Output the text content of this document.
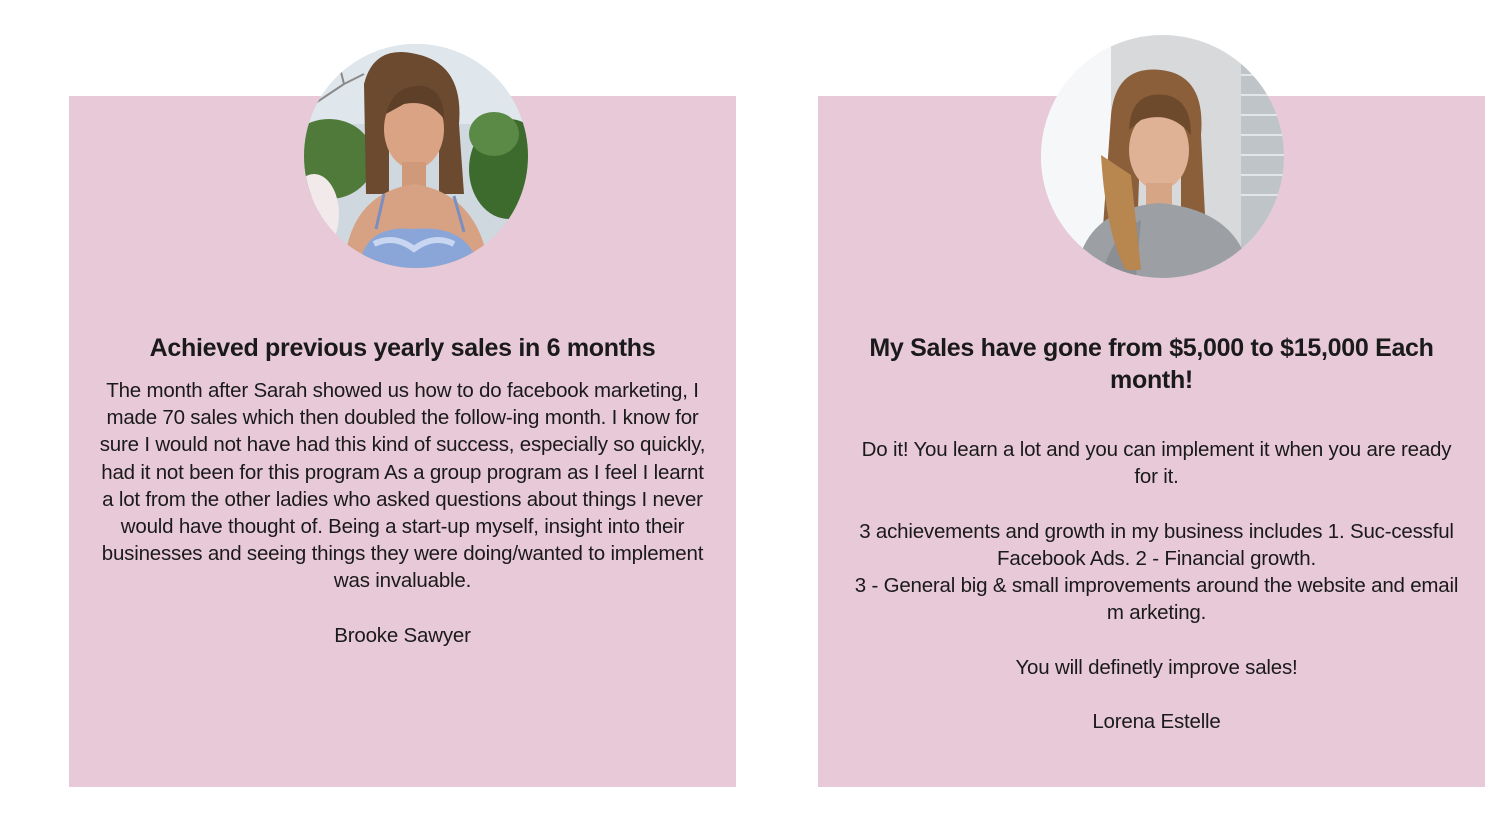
Achieved previous yearly sales in 6 months

The month after Sarah showed us how to do facebook marketing, I made 70 sales which then doubled the follow-ing month. I know for sure I would not have had this kind of success, especially so quickly, had it not been for this program As a group program as I feel I learnt a lot from the other ladies who asked questions about things I never would have thought of. Being a start-up myself, insight into their businesses and seeing things they were doing/wanted to implement was invaluable.

Brooke Sawyer

My Sales have gone from $5,000 to $15,000 Each month!

Do it! You learn a lot and you can implement it when you are ready for it.

3 achievements and growth in my business includes 1. Suc-cessful Facebook Ads. 2 - Financial growth.

3 - General big & small improvements around the website and email m arketing.

You will definetly improve sales!

Lorena Estelle
